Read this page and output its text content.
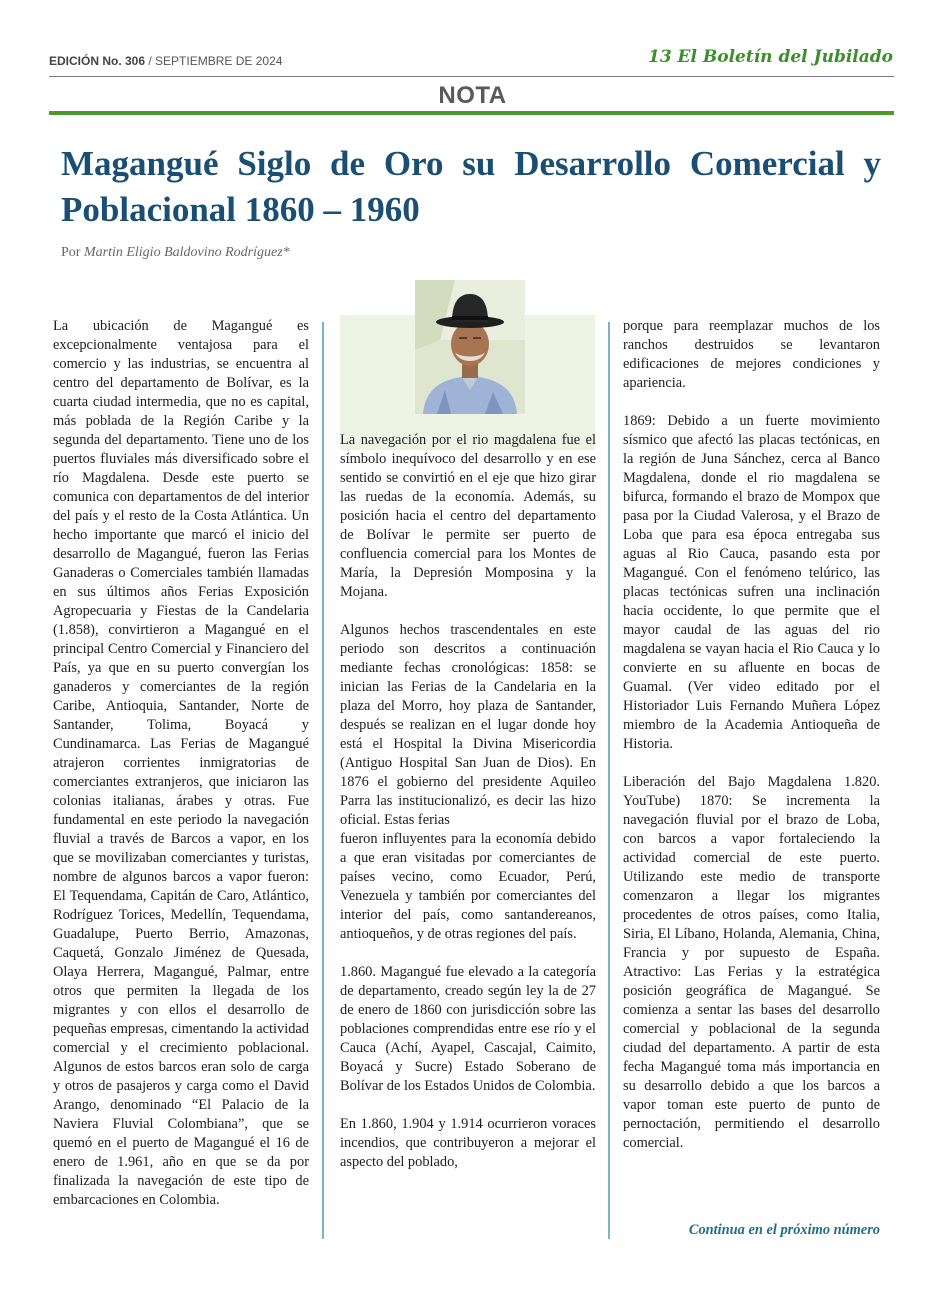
EDICIÓN No. 306 / SEPTIEMBRE DE 2024	13 El Boletín del Jubilado
NOTA
Magangué Siglo de Oro su Desarrollo Comercial y Poblacional 1860 – 1960
Por Martin Eligio Baldovino Rodríguez*

La ubicación de Magangué es excepcionalmente ventajosa para el comercio y las industrias, se encuentra al centro del departamento de Bolívar, es la cuarta ciudad intermedia, que no es capital, más poblada de la Región Caribe y la segunda del departamento. Tiene uno de los puertos fluviales más diversificado sobre el río Magdalena. Desde este puerto se comunica con departamentos de del interior del país y el resto de la Costa Atlántica. Un hecho importante que marcó el inicio del desarrollo de Magangué, fueron las Ferias Ganaderas o Comerciales también llamadas en sus últimos años Ferias Exposición Agropecuaria y Fiestas de la Candelaria (1.858), convirtieron a Magangué en el principal Centro Comercial y Financiero del País, ya que en su puerto convergían los ganaderos y comerciantes de la región Caribe, Antioquia, Santander, Norte de Santander, Tolima, Boyacá y Cundinamarca. Las Ferias de Magangué atrajeron corrientes inmigratorias de comerciantes extranjeros, que iniciaron las colonias italianas, árabes y otras. Fue fundamental en este periodo la navegación fluvial a través de Barcos a vapor, en los que se movilizaban comerciantes y turistas, nombre de algunos barcos a vapor fueron: El Tequendama, Capitán de Caro, Atlántico, Rodríguez Torices, Medellín, Tequendama, Guadalupe, Puerto Berrio, Amazonas, Caquetá, Gonzalo Jiménez de Quesada, Olaya Herrera, Magangué, Palmar, entre otros que permiten la llegada de los migrantes y con ellos el desarrollo de pequeñas empresas, cimentando la actividad comercial y el crecimiento poblacional. Algunos de estos barcos eran solo de carga y otros de pasajeros y carga como el David Arango, denominado “El Palacio de la Naviera Fluvial Colombiana”, que se quemó en el puerto de Magangué el 16 de enero de 1.961, año en que se da por finalizada la navegación de este tipo de embarcaciones en Colombia.

La navegación por el rio magdalena fue el símbolo inequívoco del desarrollo y en ese sentido se convirtió en el eje que hizo girar las ruedas de la economía. Además, su posición hacia el centro del departamento de Bolívar le permite ser puerto de confluencia comercial para los Montes de María, la Depresión Momposina y la Mojana.

Algunos hechos trascendentales en este periodo son descritos a continuación mediante fechas cronológicas: 1858: se inician las Ferias de la Candelaria en la plaza del Morro, hoy plaza de Santander, después se realizan en el lugar donde hoy está el Hospital la Divina Misericordia (Antiguo Hospital San Juan de Dios). En 1876 el gobierno del presidente Aquileo Parra las institucionalizó, es decir las hizo oficial. Estas ferias
fueron influyentes para la economía debido a que eran visitadas por comerciantes de países vecino, como Ecuador, Perú, Venezuela y también por comerciantes del interior del país, como santandereanos, antioqueños, y de otras regiones del país.

1.860. Magangué fue elevado a la categoría de departamento, creado según ley la de 27 de enero de 1860 con jurisdicción sobre las poblaciones comprendidas entre ese río y el Cauca (Achí, Ayapel, Cascajal, Caimito, Boyacá y Sucre) Estado Soberano de Bolívar de los Estados Unidos de Colombia.

En 1.860, 1.904 y 1.914 ocurrieron voraces incendios, que contribuyeron a mejorar el aspecto del poblado,

porque para reemplazar muchos de los ranchos destruidos se levantaron edificaciones de mejores condiciones y apariencia.

1869: Debido a un fuerte movimiento sísmico que afectó las placas tectónicas, en la región de Juna Sánchez, cerca al Banco Magdalena, donde el rio magdalena se bifurca, formando el brazo de Mompox que pasa por la Ciudad Valerosa, y el Brazo de Loba que para esa época entregaba sus aguas al Rio Cauca, pasando esta por Magangué. Con el fenómeno telúrico, las placas tectónicas sufren una inclinación hacia occidente, lo que permite que el mayor caudal de las aguas del rio magdalena se vayan hacia el Rio Cauca y lo convierte en su afluente en bocas de Guamal. (Ver video editado por el Historiador Luis Fernando Muñera López miembro de la Academia Antioqueña de Historia.

Liberación del Bajo Magdalena 1.820. YouTube) 1870: Se incrementa la navegación fluvial por el brazo de Loba, con barcos a vapor fortaleciendo la actividad comercial de este puerto. Utilizando este medio de transporte comenzaron a llegar los migrantes procedentes de otros países, como Italia, Siria, El Líbano, Holanda, Alemania, China, Francia y por supuesto de España. Atractivo: Las Ferias y la estratégica posición geográfica de Magangué. Se comienza a sentar las bases del desarrollo comercial y poblacional de la segunda ciudad del departamento. A partir de esta fecha Magangué toma más importancia en su desarrollo debido a que los barcos a vapor toman este puerto de punto de pernoctación, permitiendo el desarrollo comercial.

Continua en el próximo número
